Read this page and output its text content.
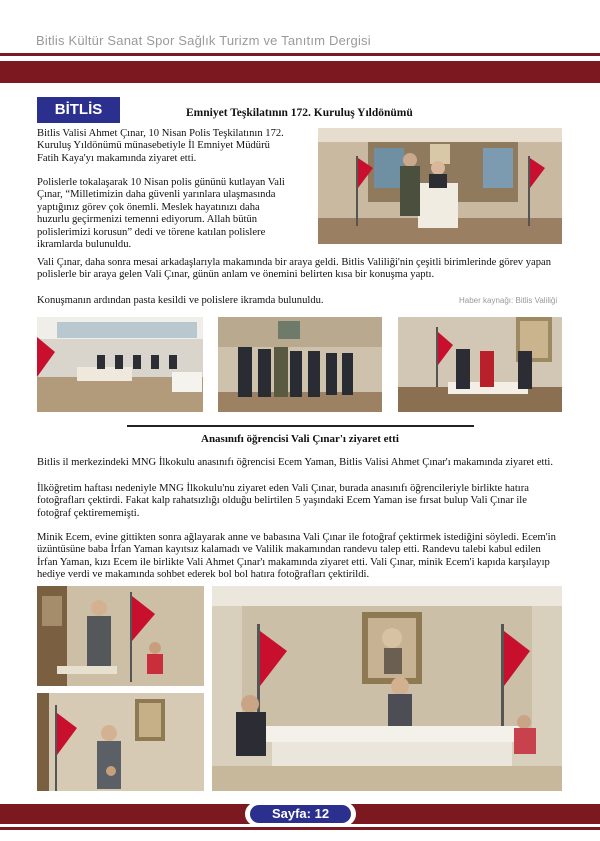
Bitlis Kültür Sanat Spor Sağlık Turizm ve Tanıtım Dergisi
BİTLİS	Emniyet Teşkilatının 172. Kuruluş Yıldönümü

Bitlis Valisi Ahmet Çınar, 10 Nisan Polis Teşkilatının 172. Kuruluş Yıldönümü münasebetiyle İl Emniyet Müdürü Fatih Kaya'yı makamında ziyaret etti.

Polislerle tokalaşarak 10 Nisan polis gününü kutlayan Vali Çınar, “Milletimizin daha güvenli yarınlara ulaşmasında yaptığınız görev çok önemli. Meslek hayatınızı daha huzurlu geçirmenizi temenni ediyorum. Allah bütün polislerimizi korusun” dedi ve törene katılan polislere ikramlarda bulunuldu.

Vali Çınar, daha sonra mesai arkadaşlarıyla makamında bir araya geldi. Bitlis Valiliği'nin çeşitli birimlerinde görev yapan polislerle bir araya gelen Vali Çınar, günün anlam ve önemini belirten kısa bir konuşma yaptı.

Konuşmanın ardından pasta kesildi ve polislere ikramda bulunuldu.	Haber kaynağı: Bitlis Valiliği
Anasınıfı öğrencisi Vali Çınar'ı ziyaret etti

Bitlis il merkezindeki MNG İlkokulu anasınıfı öğrencisi Ecem Yaman, Bitlis Valisi Ahmet Çınar'ı makamında ziyaret etti.

İlköğretim haftası nedeniyle MNG İlkokulu'nu ziyaret eden Vali Çınar, burada anasınıfı öğrencileriyle birlikte hatıra fotoğrafları çektirdi. Fakat kalp rahatsızlığı olduğu belirtilen 5 yaşındaki Ecem Yaman ise fırsat bulup Vali Çınar ile fotoğraf çektirememişti.

Minik Ecem, evine gittikten sonra ağlayarak anne ve babasına Vali Çınar ile fotoğraf çektirmek istediğini söyledi. Ecem'in üzüntüsüne baba İrfan Yaman kayıtsız kalamadı ve Valilik makamından randevu talep etti. Randevu talebi kabul edilen İrfan Yaman, kızı Ecem ile birlikte Vali Ahmet Çınar'ı makamında ziyaret etti. Vali Çınar, minik Ecem'i kapıda karşılayıp hediye verdi ve makamında sohbet ederek bol bol hatıra fotoğrafları çektirildi.

Sayfa: 12
